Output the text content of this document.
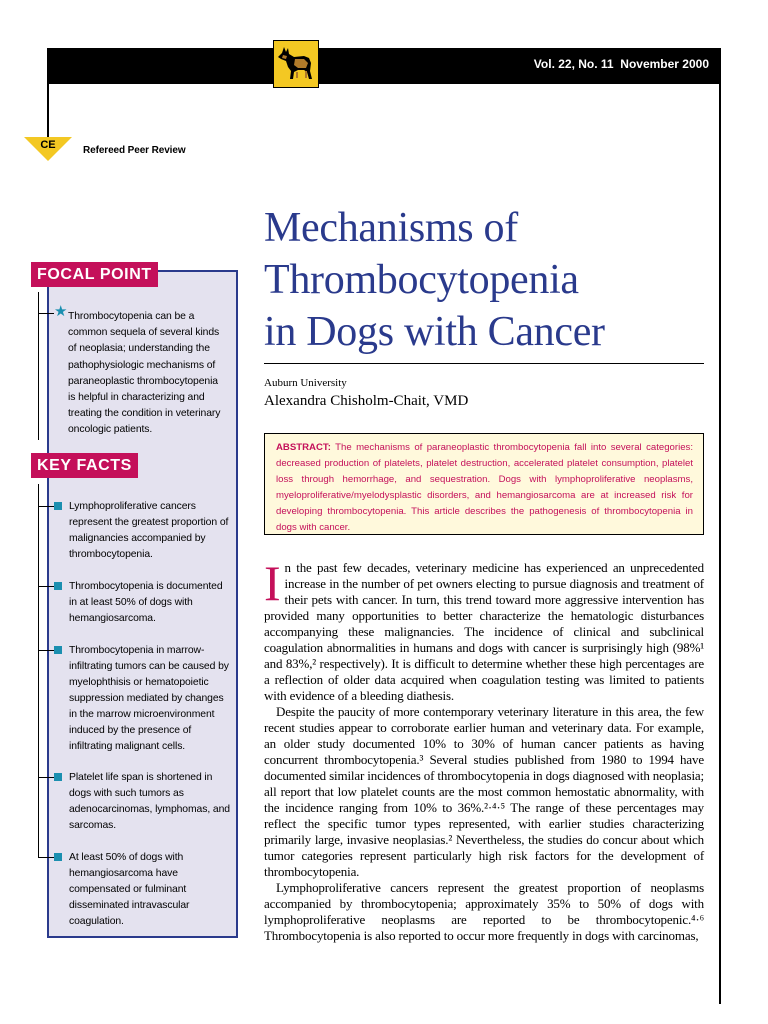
Vol. 22, No. 11  November 2000
CE	Refereed Peer Review
FOCAL POINT
★ Thrombocytopenia can be a common sequela of several kinds of neoplasia; understanding the pathophysiologic mechanisms of paraneoplastic thrombocytopenia is helpful in characterizing and treating the condition in veterinary oncologic patients.
KEY FACTS
Lymphoproliferative cancers represent the greatest proportion of malignancies accompanied by thrombocytopenia.
Thrombocytopenia is documented in at least 50% of dogs with hemangiosarcoma.
Thrombocytopenia in marrow-infiltrating tumors can be caused by myelophthisis or hematopoietic suppression mediated by changes in the marrow microenvironment induced by the presence of infiltrating malignant cells.
Platelet life span is shortened in dogs with such tumors as adenocarcinomas, lymphomas, and sarcomas.
At least 50% of dogs with hemangiosarcoma have compensated or fulminant disseminated intravascular coagulation.
Mechanisms of
Thrombocytopenia
in Dogs with Cancer
Auburn University
Alexandra Chisholm-Chait, VMD
ABSTRACT: The mechanisms of paraneoplastic thrombocytopenia fall into several categories: decreased production of platelets, platelet destruction, accelerated platelet consumption, platelet loss through hemorrhage, and sequestration. Dogs with lymphoproliferative neoplasms, myeloproliferative/myelodysplastic disorders, and hemangiosarcoma are at increased risk for developing thrombocytopenia. This article describes the pathogenesis of thrombocytopenia in dogs with cancer.

In the past few decades, veterinary medicine has experienced an unprecedented increase in the number of pet owners electing to pursue diagnosis and treatment of their pets with cancer. In turn, this trend toward more aggressive intervention has provided many opportunities to better characterize the hematologic disturbances accompanying these malignancies. The incidence of clinical and subclinical coagulation abnormalities in humans and dogs with cancer is surprisingly high (98%¹ and 83%,² respectively). It is difficult to determine whether these high percentages are a reflection of older data acquired when coagulation testing was limited to patients with evidence of a bleeding diathesis.

Despite the paucity of more contemporary veterinary literature in this area, the few recent studies appear to corroborate earlier human and veterinary data. For example, an older study documented 10% to 30% of human cancer patients as having concurrent thrombocytopenia.³ Several studies published from 1980 to 1994 have documented similar incidences of thrombocytopenia in dogs diagnosed with neoplasia; all report that low platelet counts are the most common hemostatic abnormality, with the incidence ranging from 10% to 36%.²·⁴·⁵ The range of these percentages may reflect the specific tumor types represented, with earlier studies characterizing primarily large, invasive neoplasias.² Nevertheless, the studies do concur about which tumor categories represent particularly high risk factors for the development of thrombocytopenia.

Lymphoproliferative cancers represent the greatest proportion of neoplasms accompanied by thrombocytopenia; approximately 35% to 50% of dogs with lymphoproliferative neoplasms are reported to be thrombocytopenic.⁴·⁶ Thrombocytopenia is also reported to occur more frequently in dogs with carcinomas,
